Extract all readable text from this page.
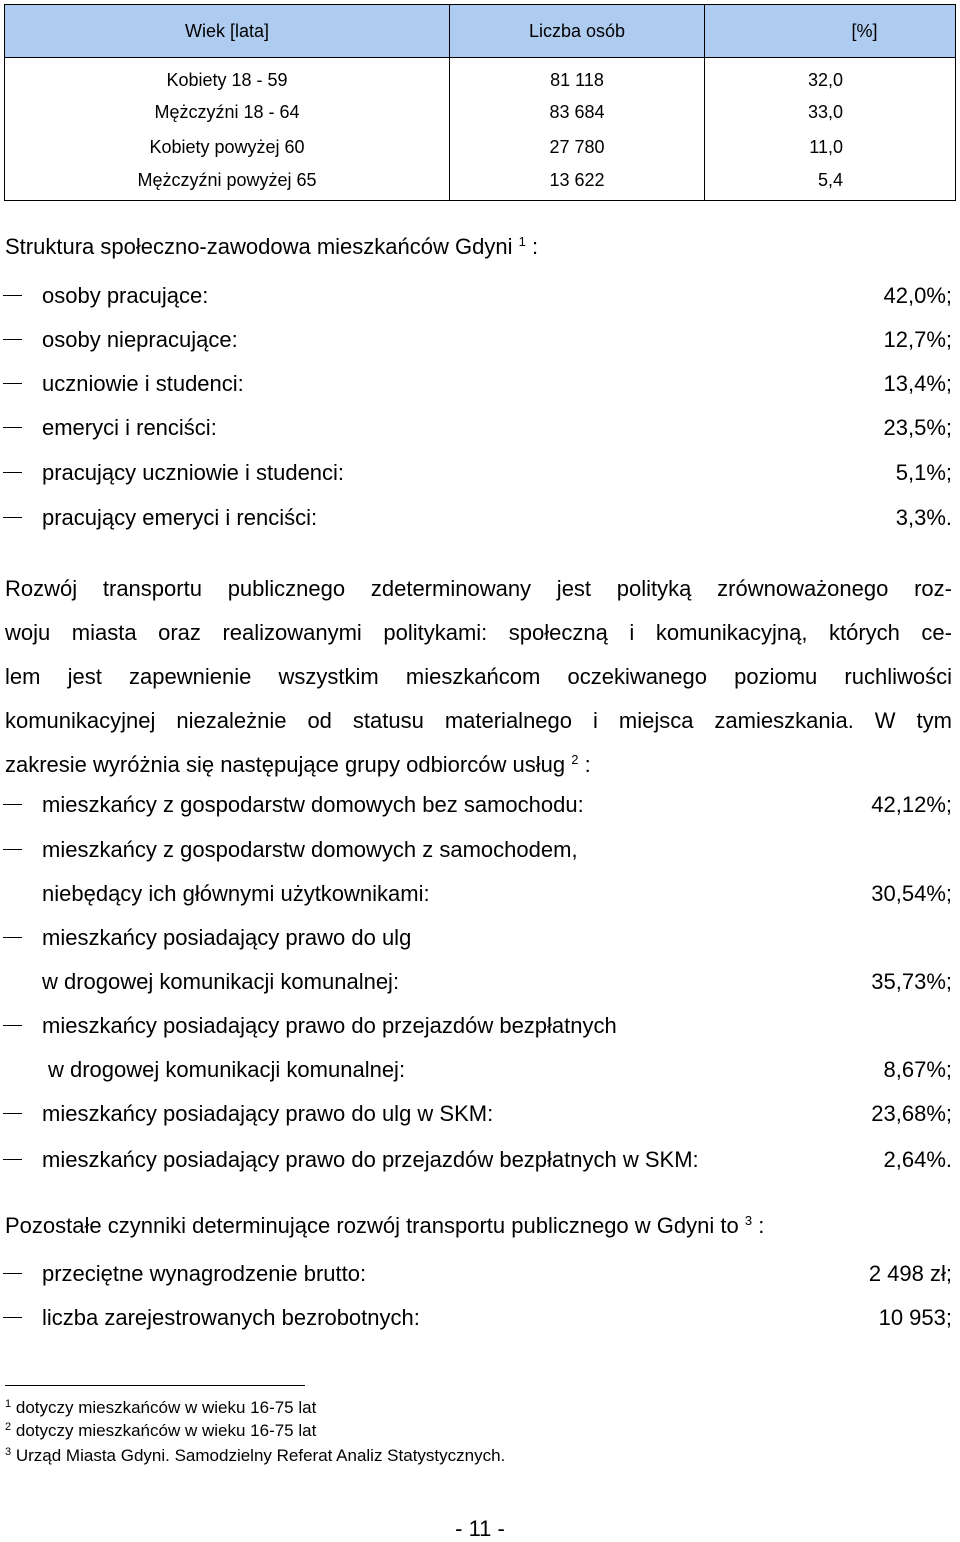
Wiek [lata]	Liczba osób	[%]
Kobiety 18 - 59	81 118	32,0
Mężczyźni 18 - 64	83 684	33,0
Kobiety powyżej 60	27 780	11,0
Mężczyźni powyżej 65	13 622	5,4
Struktura społeczno-zawodowa mieszkańców Gdyni $^1$ :
osoby pracujące:	42,0%;
osoby niepracujące:	12,7%;
uczniowie i studenci:	13,4%;
emeryci i renciści:	23,5%;
pracujący uczniowie i studenci:	5,1%;
pracujący emeryci i renciści:	3,3%.
Rozwój transportu publicznego zdeterminowany jest polityką zrównoważonego roz-
woju miasta oraz realizowanymi politykami: społeczną i komunikacyjną, których ce-
lem jest zapewnienie wszystkim mieszkańcom oczekiwanego poziomu ruchliwości
komunikacyjnej niezależnie od statusu materialnego i miejsca zamieszkania. W tym
zakresie wyróżnia się następujące grupy odbiorców usług $^2$ :
mieszkańcy z gospodarstw domowych bez samochodu:	42,12%;
mieszkańcy z gospodarstw domowych z samochodem,
niebędący ich głównymi użytkownikami:	30,54%;
mieszkańcy posiadający prawo do ulg
w drogowej komunikacji komunalnej:	35,73%;
mieszkańcy posiadający prawo do przejazdów bezpłatnych
w drogowej komunikacji komunalnej:	8,67%;
mieszkańcy posiadający prawo do ulg w SKM:	23,68%;
mieszkańcy posiadający prawo do przejazdów bezpłatnych w SKM:	2,64%.
Pozostałe czynniki determinujące rozwój transportu publicznego w Gdyni to $^3$ :
przeciętne wynagrodzenie brutto:	2 498 zł;
liczba zarejestrowanych bezrobotnych:	10 953;
$^1$ dotyczy mieszkańców w wieku 16-75 lat
$^2$ dotyczy mieszkańców w wieku 16-75 lat
$^3$ Urząd Miasta Gdyni. Samodzielny Referat Analiz Statystycznych.
- 11 -
